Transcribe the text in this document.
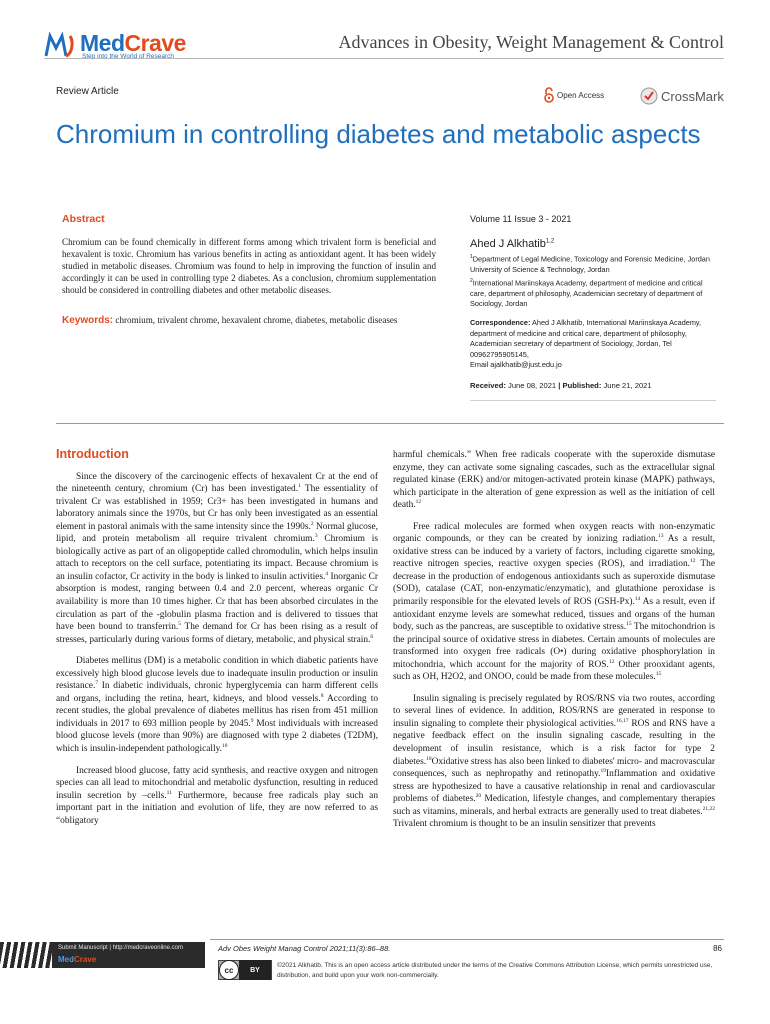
MedCrave
Step into the World of Research
Advances in Obesity, Weight Management & Control
Review Article	Open Access	CrossMark
Chromium in controlling diabetes and metabolic aspects
Abstract
Chromium can be found chemically in different forms among which trivalent form is beneficial and hexavalent is toxic. Chromium has various benefits in acting as antioxidant agent. It has been widely studied in metabolic diseases. Chromium was found to help in improving the function of insulin and accordingly it can be used in controlling type 2 diabetes. As a conclusion, chromium supplementation should be considered in controlling diabetes and other metabolic diseases.
Keywords: chromium, trivalent chrome, hexavalent chrome, diabetes, metabolic diseases
Volume 11 Issue 3 - 2021
Ahed J Alkhatib$^{1,2}$
$^1$Department of Legal Medicine, Toxicology and Forensic Medicine, Jordan University of Science & Technology, Jordan
$^2$International Mariinskaya Academy, department of medicine and critical care, department of philosophy, Academician secretary of department of Sociology, Jordan
Correspondence: Ahed J Alkhatib, International Mariinskaya Academy, department of medicine and critical care, department of philosophy, Academician secretary of department of Sociology, Jordan, Tel 00962795905145,
Email ajalkhatib@just.edu.jo
Received: June 08, 2021 | Published: June 21, 2021
Introduction

Since the discovery of the carcinogenic effects of hexavalent Cr at the end of the nineteenth century, chromium (Cr) has been investigated.$^1$ The essentiality of trivalent Cr was established in 1959; Cr3+ has been investigated in humans and laboratory animals since the 1970s, but Cr has only been investigated as an essential element in pastoral animals with the same intensity since the 1990s.$^2$ Normal glucose, lipid, and protein metabolism all require trivalent chromium.$^3$ Chromium is biologically active as part of an oligopeptide called chromodulin, which helps insulin attach to receptors on the cell surface, potentiating its impact. Because chromium is an insulin cofactor, Cr activity in the body is linked to insulin activities.$^4$ Inorganic Cr absorption is modest, ranging between 0.4 and 2.0 percent, whereas organic Cr availability is more than 10 times higher. Cr that has been absorbed circulates in the circulation as part of the -globulin plasma fraction and is delivered to tissues that have been bound to transferrin.$^5$ The demand for Cr has been rising as a result of stresses, particularly during various forms of dietary, metabolic, and physical strain.$^6$

Diabetes mellitus (DM) is a metabolic condition in which diabetic patients have excessively high blood glucose levels due to inadequate insulin production or insulin resistance.$^7$ In diabetic individuals, chronic hyperglycemia can harm different cells and organs, including the retina, heart, kidneys, and blood vessels.$^8$ According to recent studies, the global prevalence of diabetes mellitus has risen from 451 million individuals in 2017 to 693 million people by 2045.$^9$ Most individuals with increased blood glucose levels (more than 90%) are diagnosed with type 2 diabetes (T2DM), which is insulin-independent pathologically.$^{10}$

Increased blood glucose, fatty acid synthesis, and reactive oxygen and nitrogen species can all lead to mitochondrial and metabolic dysfunction, resulting in reduced insulin secretion by –cells.$^{11}$ Furthermore, because free radicals play such an important part in the initiation and evolution of life, they are now referred to as “obligatory

harmful chemicals.” When free radicals cooperate with the superoxide dismutase enzyme, they can activate some signaling cascades, such as the extracellular signal regulated kinase (ERK) and/or mitogen-activated protein kinase (MAPK) pathways, which participate in the alteration of gene expression as well as the initiation of cell death.$^{12}$

Free radical molecules are formed when oxygen reacts with non-enzymatic organic compounds, or they can be created by ionizing radiation.$^{13}$ As a result, oxidative stress can be induced by a variety of factors, including cigarette smoking, reactive nitrogen species, reactive oxygen species (ROS), and irradiation.$^{12}$ The decrease in the production of endogenous antioxidants such as superoxide dismutase (SOD), catalase (CAT, non-enzymatic/enzymatic), and glutathione peroxidase is primarily responsible for the elevated levels of ROS (GSH-Px).$^{14}$ As a result, even if antioxidant enzyme levels are somewhat reduced, tissues and organs of the human body, such as the pancreas, are susceptible to oxidative stress.$^{15}$ The mitochondrion is the principal source of oxidative stress in diabetes. Certain amounts of molecules are transformed into oxygen free radicals (O•) during oxidative phosphorylation in mitochondria, which account for the majority of ROS.$^{12}$ Other prooxidant agents, such as OH, H2O2, and ONOO, could be made from these molecules.$^{15}$

Insulin signaling is precisely regulated by ROS/RNS via two routes, according to several lines of evidence. In addition, ROS/RNS are generated in response to insulin signaling to complete their physiological activities.$^{16,17}$ ROS and RNS have a negative feedback effect on the insulin signaling cascade, resulting in the development of insulin resistance, which is a risk factor for type 2 diabetes.$^{18}$Oxidative stress has also been linked to diabetes' micro- and macrovascular consequences, such as nephropathy and retinopathy.$^{19}$Inflammation and oxidative stress are hypothesized to have a causative relationship in renal and cardiovascular problems of diabetes.$^{20}$ Medication, lifestyle changes, and complementary therapies such as vitamins, minerals, and herbal extracts are generally used to treat diabetes.$^{21,22}$ Trivalent chromium is thought to be an insulin sensitizer that prevents

Submit Manuscript | http://medcraveonline.com
MedCrave
Adv Obes Weight Manag Control 2021;11(3):86–88.	86
cc	BY
©2021 Alkhatib. This is an open access article distributed under the terms of the Creative Commons Attribution License, which permits unrestricted use, distribution, and build upon your work non-commercially.
